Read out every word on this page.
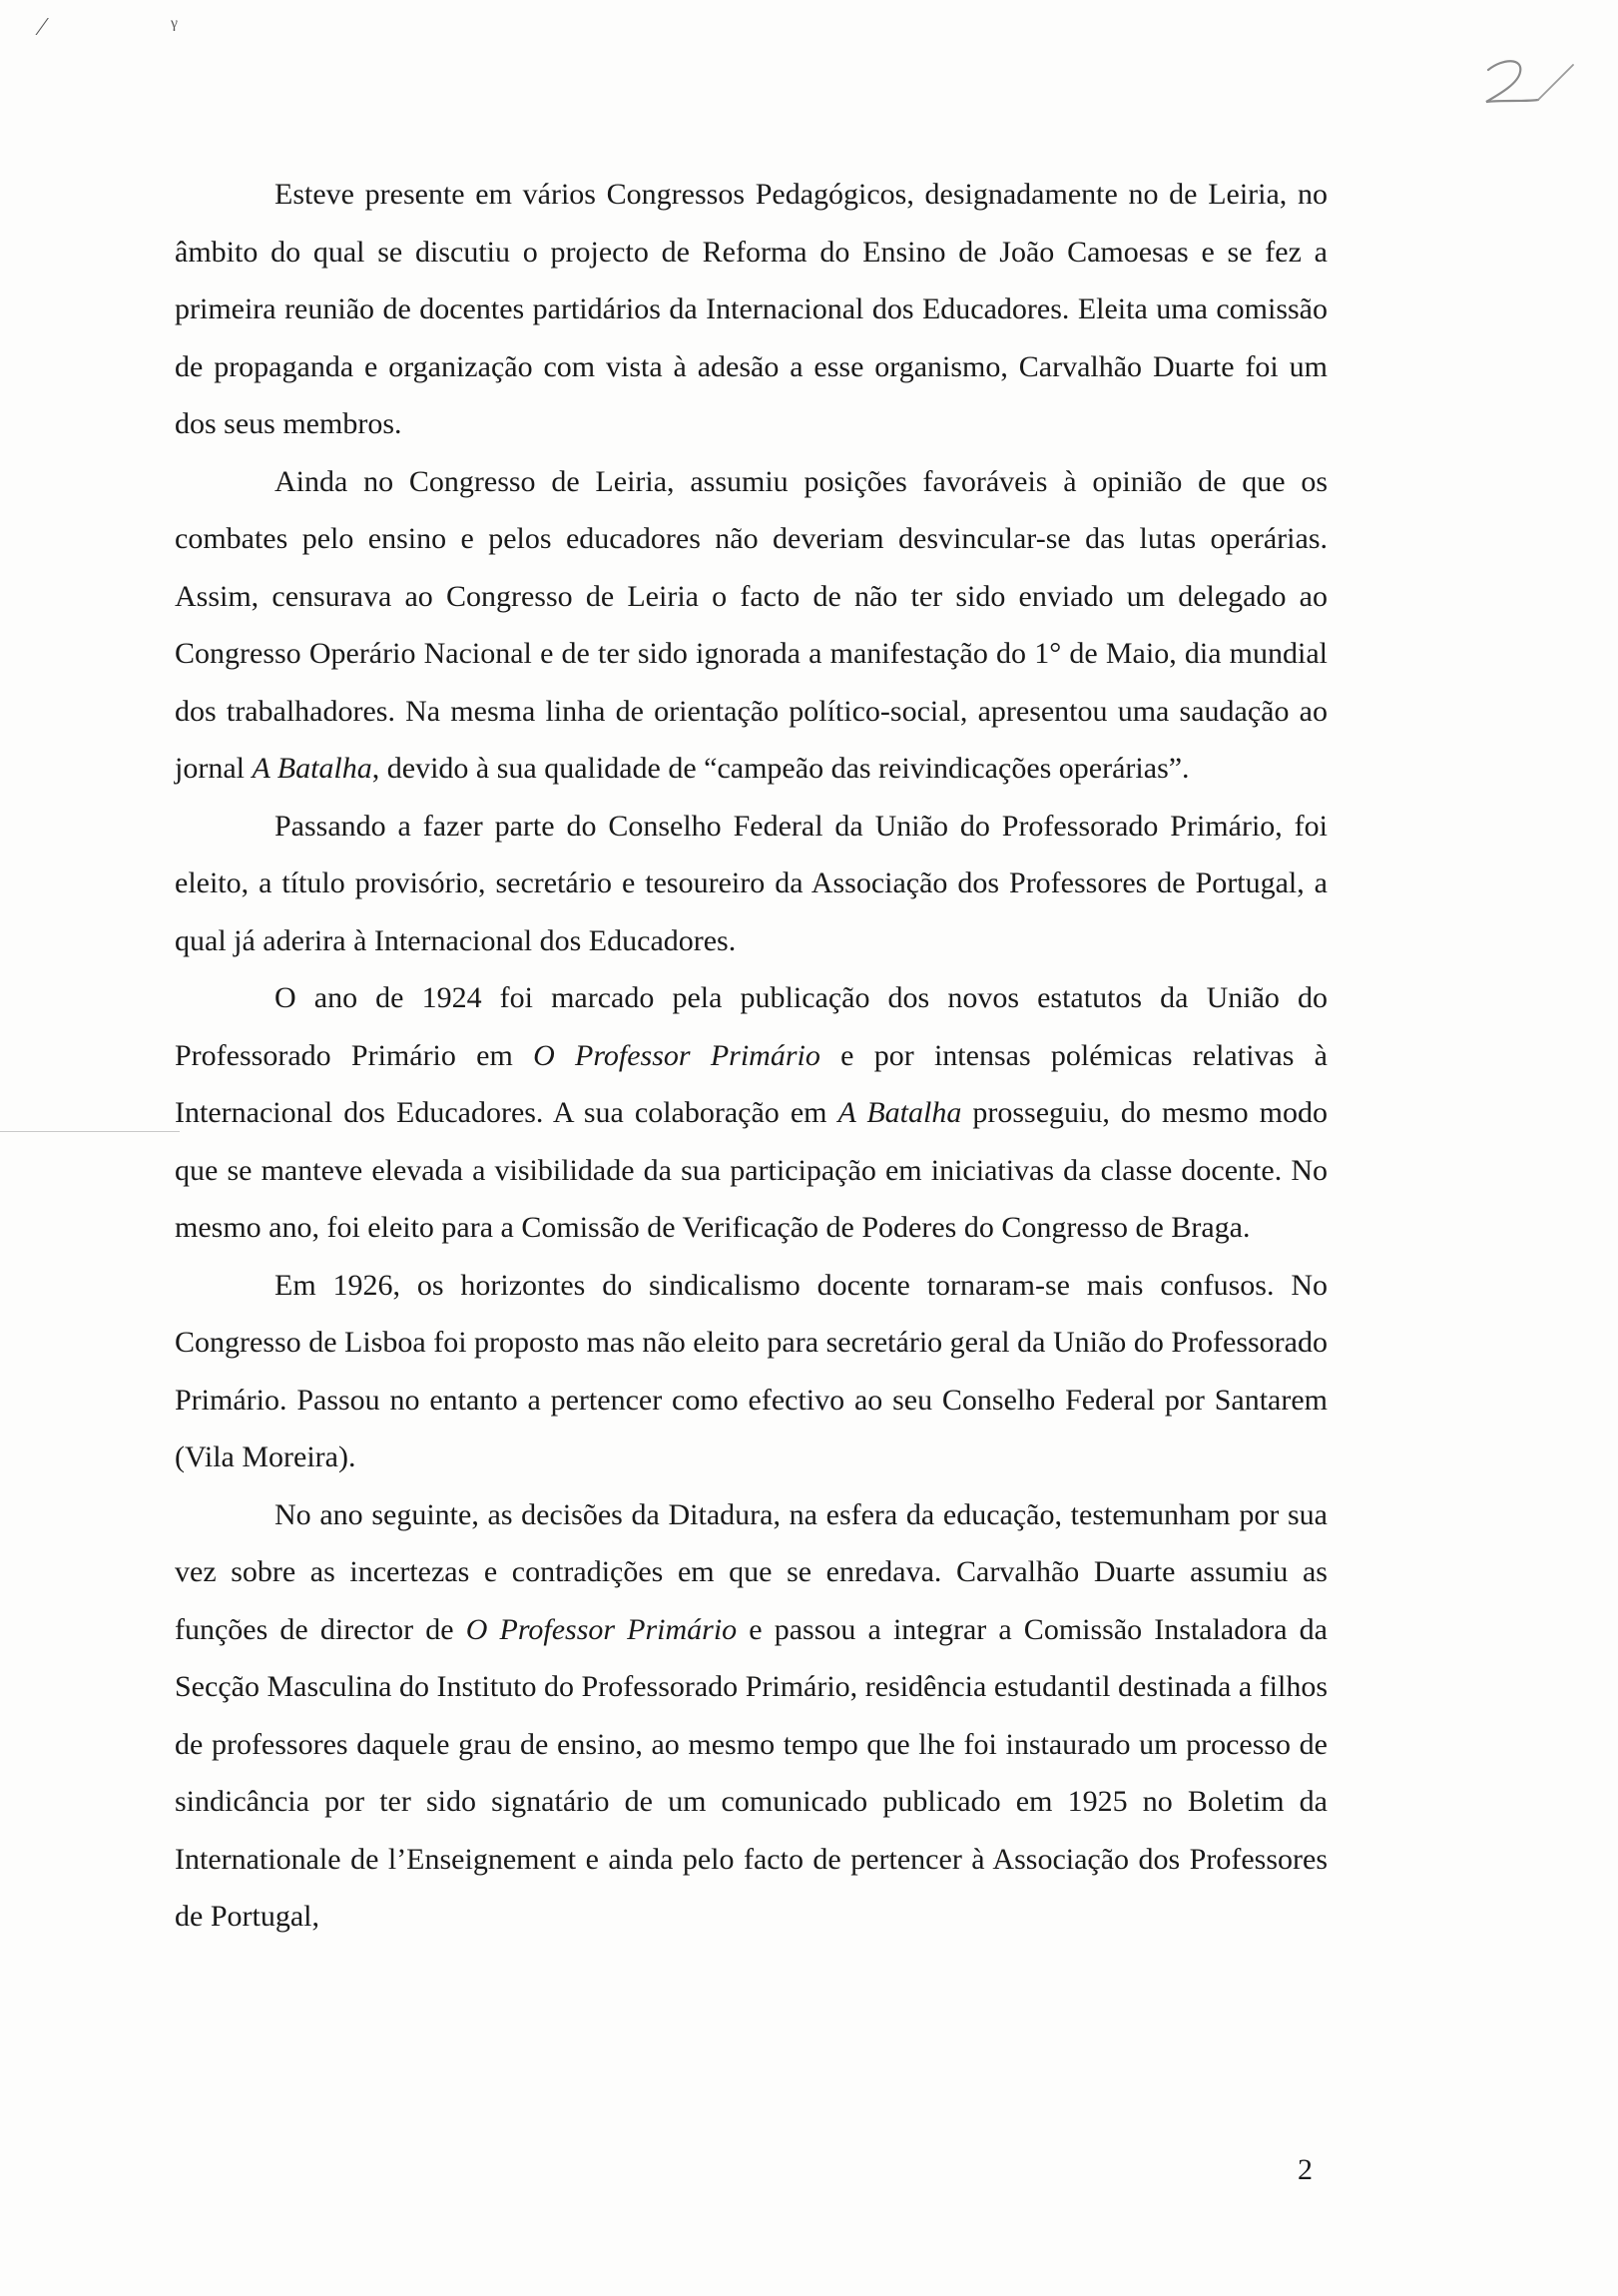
∕ ᵞ

Esteve presente em vários Congressos Pedagógicos, designadamente no de Leiria, no âmbito do qual se discutiu o projecto de Reforma do Ensino de João Camoesas e se fez a primeira reunião de docentes partidários da Internacional dos Educadores. Eleita uma comissão de propaganda e organização com vista à adesão a esse organismo, Carvalhão Duarte foi um dos seus membros.

Ainda no Congresso de Leiria, assumiu posições favoráveis à opinião de que os combates pelo ensino e pelos educadores não deveriam desvincular-se das lutas operárias. Assim, censurava ao Congresso de Leiria o facto de não ter sido enviado um delegado ao Congresso Operário Nacional e de ter sido ignorada a manifestação do 1° de Maio, dia mundial dos trabalhadores. Na mesma linha de orientação político-social, apresentou uma saudação ao jornal A Batalha, devido à sua qualidade de “campeão das reivindicações operárias”.

Passando a fazer parte do Conselho Federal da União do Professorado Primário, foi eleito, a título provisório, secretário e tesoureiro da Associação dos Professores de Portugal, a qual já aderira à Internacional dos Educadores.

O ano de 1924 foi marcado pela publicação dos novos estatutos da União do Professorado Primário em O Professor Primário e por intensas polémicas relativas à Internacional dos Educadores. A sua colaboração em A Batalha prosseguiu, do mesmo modo que se manteve elevada a visibilidade da sua participação em iniciativas da classe docente. No mesmo ano, foi eleito para a Comissão de Verificação de Poderes do Congresso de Braga.

Em 1926, os horizontes do sindicalismo docente tornaram-se mais confusos. No Congresso de Lisboa foi proposto mas não eleito para secretário geral da União do Professorado Primário. Passou no entanto a pertencer como efectivo ao seu Conselho Federal por Santarem (Vila Moreira).

No ano seguinte, as decisões da Ditadura, na esfera da educação, testemunham por sua vez sobre as incertezas e contradições em que se enredava. Carvalhão Duarte assumiu as funções de director de O Professor Primário e passou a integrar a Comissão Instaladora da Secção Masculina do Instituto do Professorado Primário, residência estudantil destinada a filhos de professores daquele grau de ensino, ao mesmo tempo que lhe foi instaurado um processo de sindicância por ter sido signatário de um comunicado publicado em 1925 no Boletim da Internationale de l’Enseignement e ainda pelo facto de pertencer à Associação dos Professores de Portugal,

2
